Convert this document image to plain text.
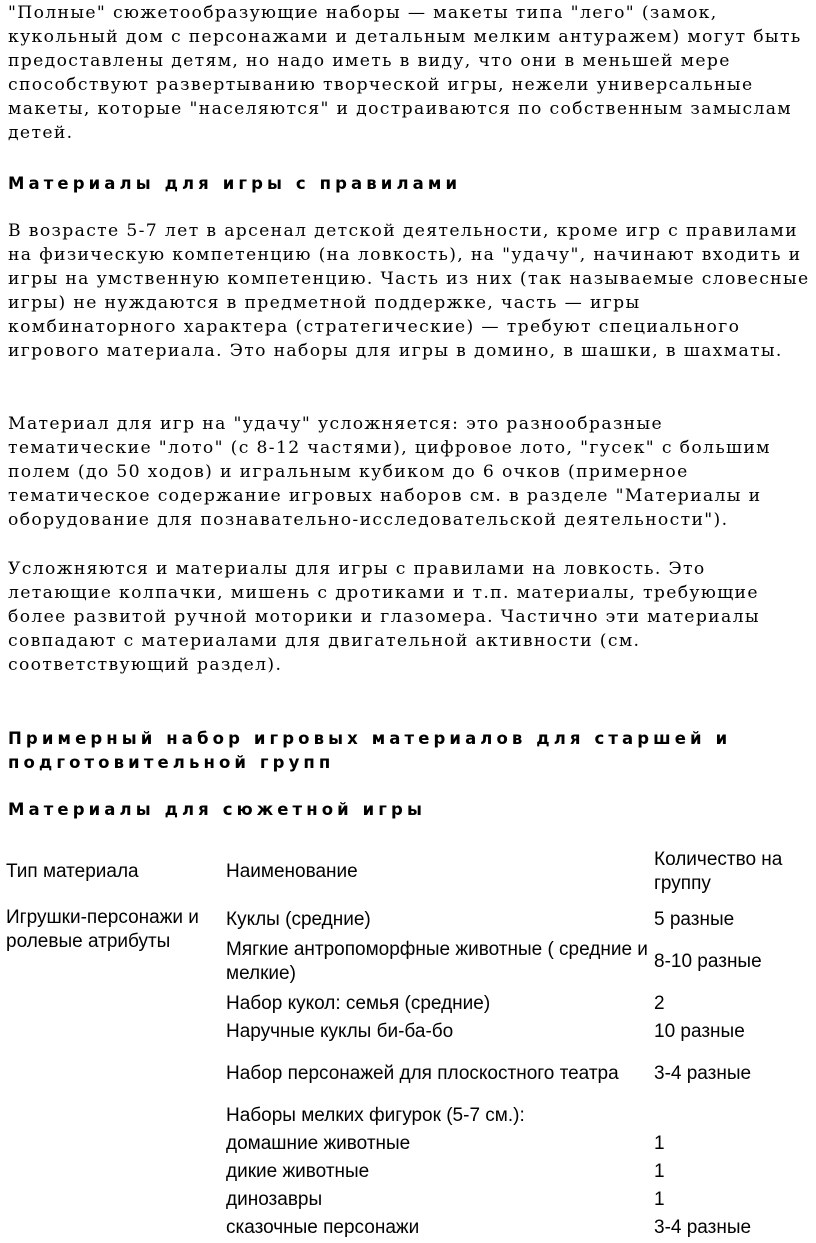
"Полные" сюжетообразующие наборы — макеты типа "лего" (замок, кукольный дом с персонажами и детальным мелким антуражем) могут быть предоставлены детям, но надо иметь в виду, что они в меньшей мере способствуют развертыванию творческой игры, нежели универсальные макеты, которые "населяются" и достраиваются по собственным замыслам детей.

Материалы для игры с правилами

В возрасте 5-7 лет в арсенал детской деятельности, кроме игр с правилами на физическую компетенцию (на ловкость), на "удачу", начинают входить и игры на умственную компетенцию. Часть из них (так называемые словесные игры) не нуждаются в предметной поддержке, часть — игры комбинаторного характера (стратегические) — требуют специального игрового материала. Это наборы для игры в домино, в шашки, в шахматы.

Материал для игр на "удачу" усложняется: это разнообразные тематические "лото" (с 8-12 частями), цифровое лото, "гусек" с большим полем (до 50 ходов) и игральным кубиком до 6 очков (примерное тематическое содержание игровых наборов см. в разделе "Материалы и оборудование для познавательно-исследовательской деятельности").

Усложняются и материалы для игры с правилами на ловкость. Это летающие колпачки, мишень с дротиками и т.п. материалы, требующие более развитой ручной моторики и глазомера. Частично эти материалы совпадают с материалами для двигательной активности (см. соответствующий раздел).

Примерный набор игровых материалов для старшей и подготовительной групп
Материалы для сюжетной игры
Тип материала	Наименование	Количество на группу
Игрушки-персонажи и ролевые атрибуты	Куклы (средние)	5 разные
	Мягкие антропоморфные животные ( средние и мелкие)	8-10 разные
	Набор кукол: семья (средние)	2
	Наручные куклы би-ба-бо	10 разные
	Набор персонажей для плоскостного театра	3-4 разные
	Наборы мелких фигурок (5-7 см.):	
	домашние животные	1
	дикие животные	1
	динозавры	1
	сказочные персонажи	3-4 разные
